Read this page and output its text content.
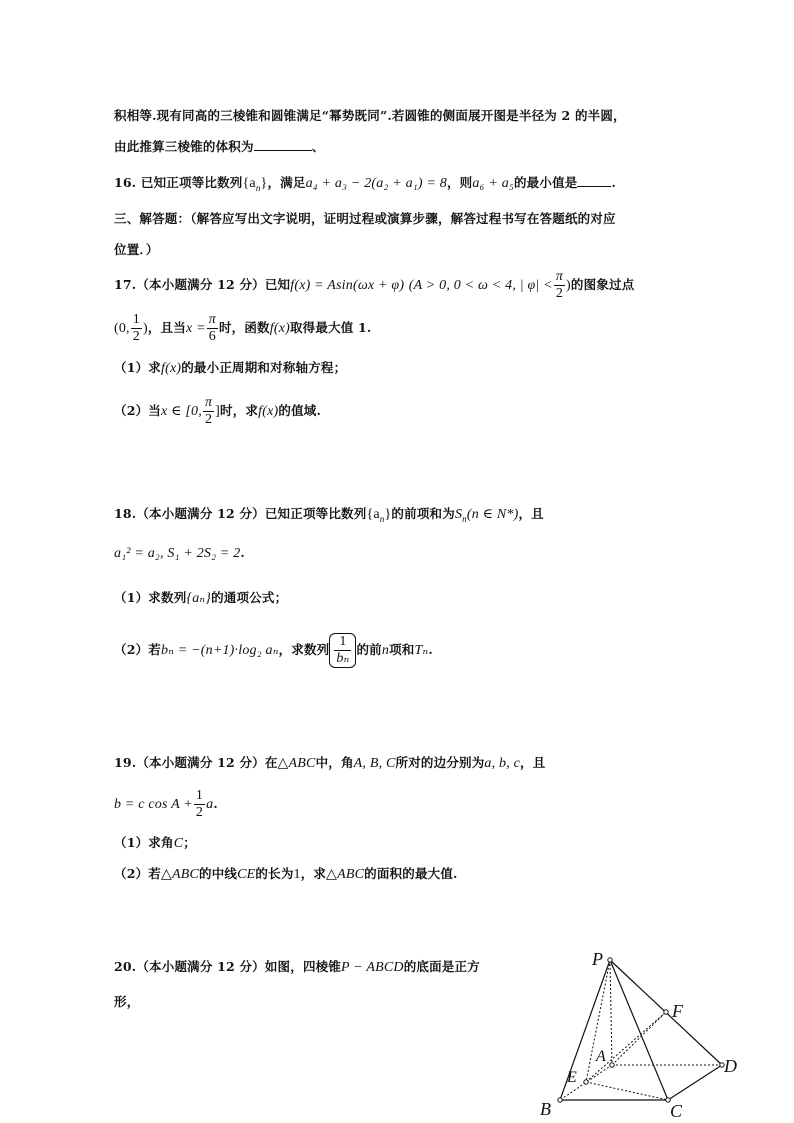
积相等.现有同高的三棱锥和圆锥满足“幂势既同”.若圆锥的侧面展开图是半径为 2 的半圆，
由此推算三棱锥的体积为	、
16. 已知正项等比数列$\{a_n\}$，满足a₄ + a₃ − 2(a₂ + a₁) = 8，则a₆ + a₅的最小值是	.
三、解答题：（解答应写出文字说明，证明过程或演算步骤，解答过程书写在答题纸的对应
位置．）
17.（本小题满分 12 分）已知f(x) = Asin(ωx + φ) (A > 0, 0 < ω < 4, | $\varphi| < \frac{\pi}{2}$ )的图象过点
(0, $\frac{1}{2}$ )，且当$x = \frac{\pi}{6}$ 时，函数f(x)取得最大值 1.
（1）求f(x)的最小正周期和对称轴方程；
（2）当x ∈ [0, $\frac{\pi}{2}$ ]时，求f(x)的值域.
18.（本小题满分 12 分）已知正项等比数列$\{a_n\}$的前项和为$S_n(n$ ∈ N*)，且
a₁² = a₂, S₁ + 2S₂ = 2.
（1）求数列{aₙ}的通项公式；
（2）若bₙ = −(n+1)·log₂ aₙ，求数列 $\frac{1}{\text{bₙ}}$ 的前n项和Tₙ.
19.（本小题满分 12 分）在△ABC中，角A, B, C所对的边分别为a, b, c，且
b = c $\cos A + \frac{1}{2} a$.
（1）求角C；
（2）若△ABC的中线CE的长为1，求△ABC的面积的最大值.
20.（本小题满分 12 分）如图，四棱锥P − ABCD的底面是正方
形，
P
F
A	D
E
B	C
